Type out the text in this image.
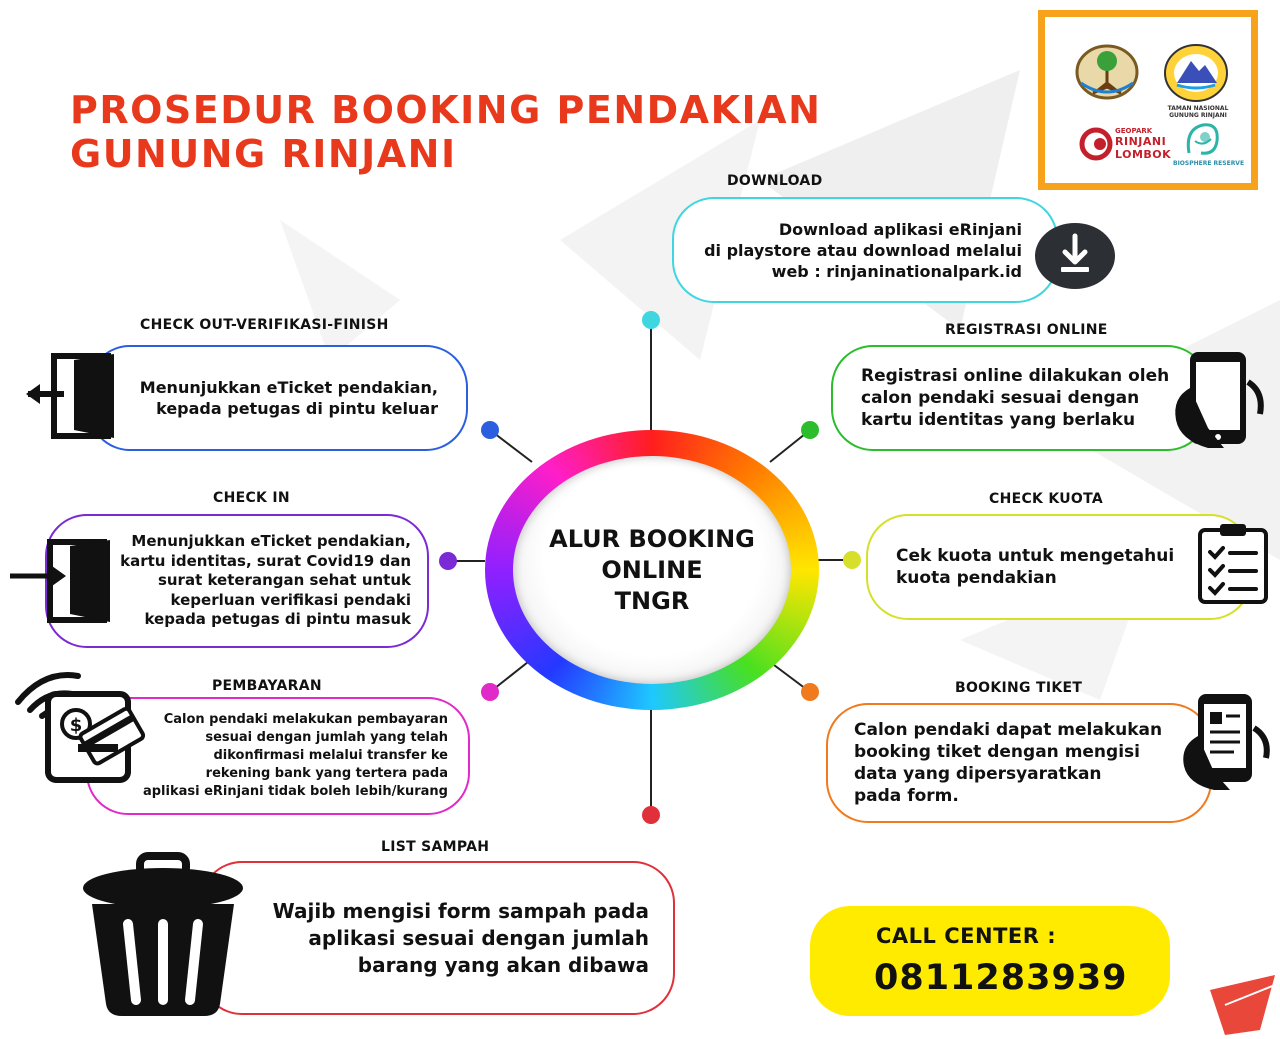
PROSEDUR BOOKING PENDAKIAN
GUNUNG RINJANI
TAMAN NASIONAL GUNUNG RINJANI
GEOPARK
RINJANI
LOMBOK
BIOSPHERE RESERVE
ALUR BOOKING
ONLINE
TNGR
DOWNLOAD
Download aplikasi eRinjani
di playstore atau download melalui
web : rinjaninationalpark.id
REGISTRASI ONLINE
Registrasi online dilakukan oleh
calon pendaki sesuai dengan
kartu identitas yang berlaku
CHECK KUOTA
Cek kuota untuk mengetahui
kuota pendakian
BOOKING TIKET
Calon pendaki dapat melakukan
booking tiket dengan mengisi
data yang dipersyaratkan
pada form.
CHECK OUT-VERIFIKASI-FINISH
Menunjukkan eTicket pendakian,
kepada petugas di pintu keluar
CHECK IN
Menunjukkan eTicket pendakian,
kartu identitas, surat Covid19 dan
surat keterangan sehat untuk
keperluan verifikasi pendaki
kepada petugas di pintu masuk
PEMBAYARAN
Calon pendaki melakukan pembayaran
sesuai dengan jumlah yang telah
dikonfirmasi melalui transfer ke
rekening bank yang tertera pada
aplikasi eRinjani tidak boleh lebih/kurang
$
LIST SAMPAH
Wajib mengisi form sampah pada
aplikasi sesuai dengan jumlah
barang yang akan dibawa
CALL CENTER :
0811283939
